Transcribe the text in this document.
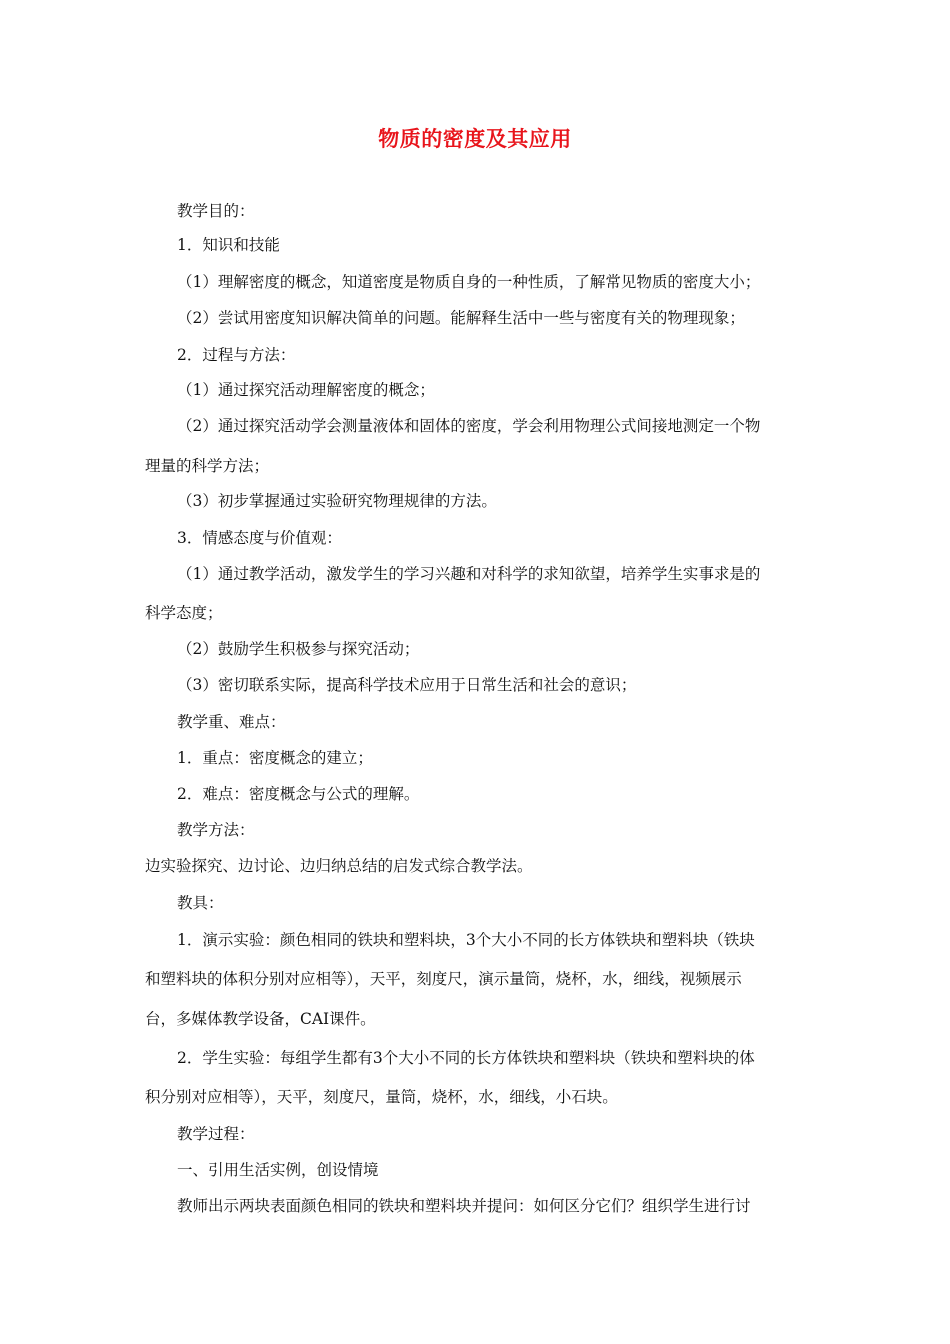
物质的密度及其应用
教学目的：
1．知识和技能
（1）理解密度的概念，知道密度是物质自身的一种性质，了解常见物质的密度大小；
（2）尝试用密度知识解决简单的问题。能解释生活中一些与密度有关的物理现象；
2．过程与方法：
（1）通过探究活动理解密度的概念；
（2）通过探究活动学会测量液体和固体的密度，学会利用物理公式间接地测定一个物
理量的科学方法；
（3）初步掌握通过实验研究物理规律的方法。
3．情感态度与价值观：
（1）通过教学活动，激发学生的学习兴趣和对科学的求知欲望，培养学生实事求是的
科学态度；
（2）鼓励学生积极参与探究活动；
（3）密切联系实际，提高科学技术应用于日常生活和社会的意识；
教学重、难点：
1．重点：密度概念的建立；
2．难点：密度概念与公式的理解。
教学方法：
边实验探究、边讨论、边归纳总结的启发式综合教学法。
教具：
1．演示实验：颜色相同的铁块和塑料块，3个大小不同的长方体铁块和塑料块（铁块
和塑料块的体积分别对应相等），天平，刻度尺，演示量筒，烧杯，水，细线，视频展示
台，多媒体教学设备，CAI课件。
2．学生实验：每组学生都有3个大小不同的长方体铁块和塑料块（铁块和塑料块的体
积分别对应相等），天平，刻度尺，量筒，烧杯，水，细线，小石块。
教学过程：
一、引用生活实例，创设情境
教师出示两块表面颜色相同的铁块和塑料块并提问：如何区分它们？组织学生进行讨
